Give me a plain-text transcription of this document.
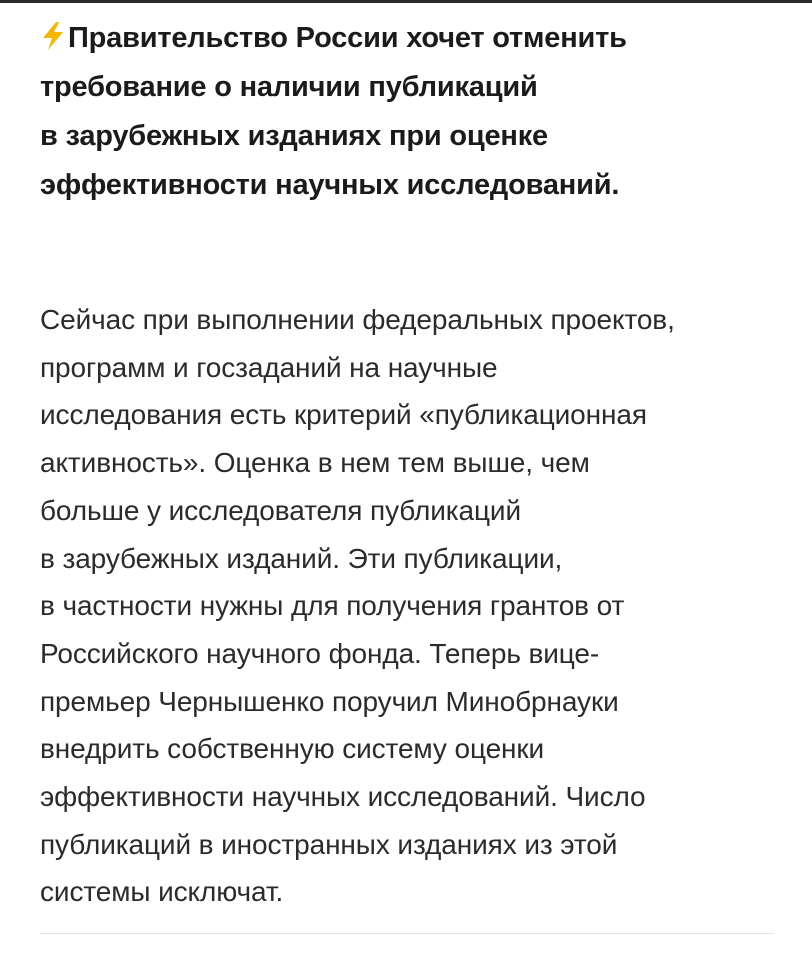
Правительство России хочет отменить
требование о наличии публикаций
в зарубежных изданиях при оценке
эффективности научных исследований.

Сейчас при выполнении федеральных проектов,
программ и госзаданий на научные
исследования есть критерий «публикационная
активность». Оценка в нем тем выше, чем
больше у исследователя публикаций
в зарубежных изданий. Эти публикации,
в частности нужны для получения грантов от
Российского научного фонда. Теперь вице-
премьер Чернышенко поручил Минобрнауки
внедрить собственную систему оценки
эффективности научных исследований. Число
публикаций в иностранных изданиях из этой
системы исключат.
